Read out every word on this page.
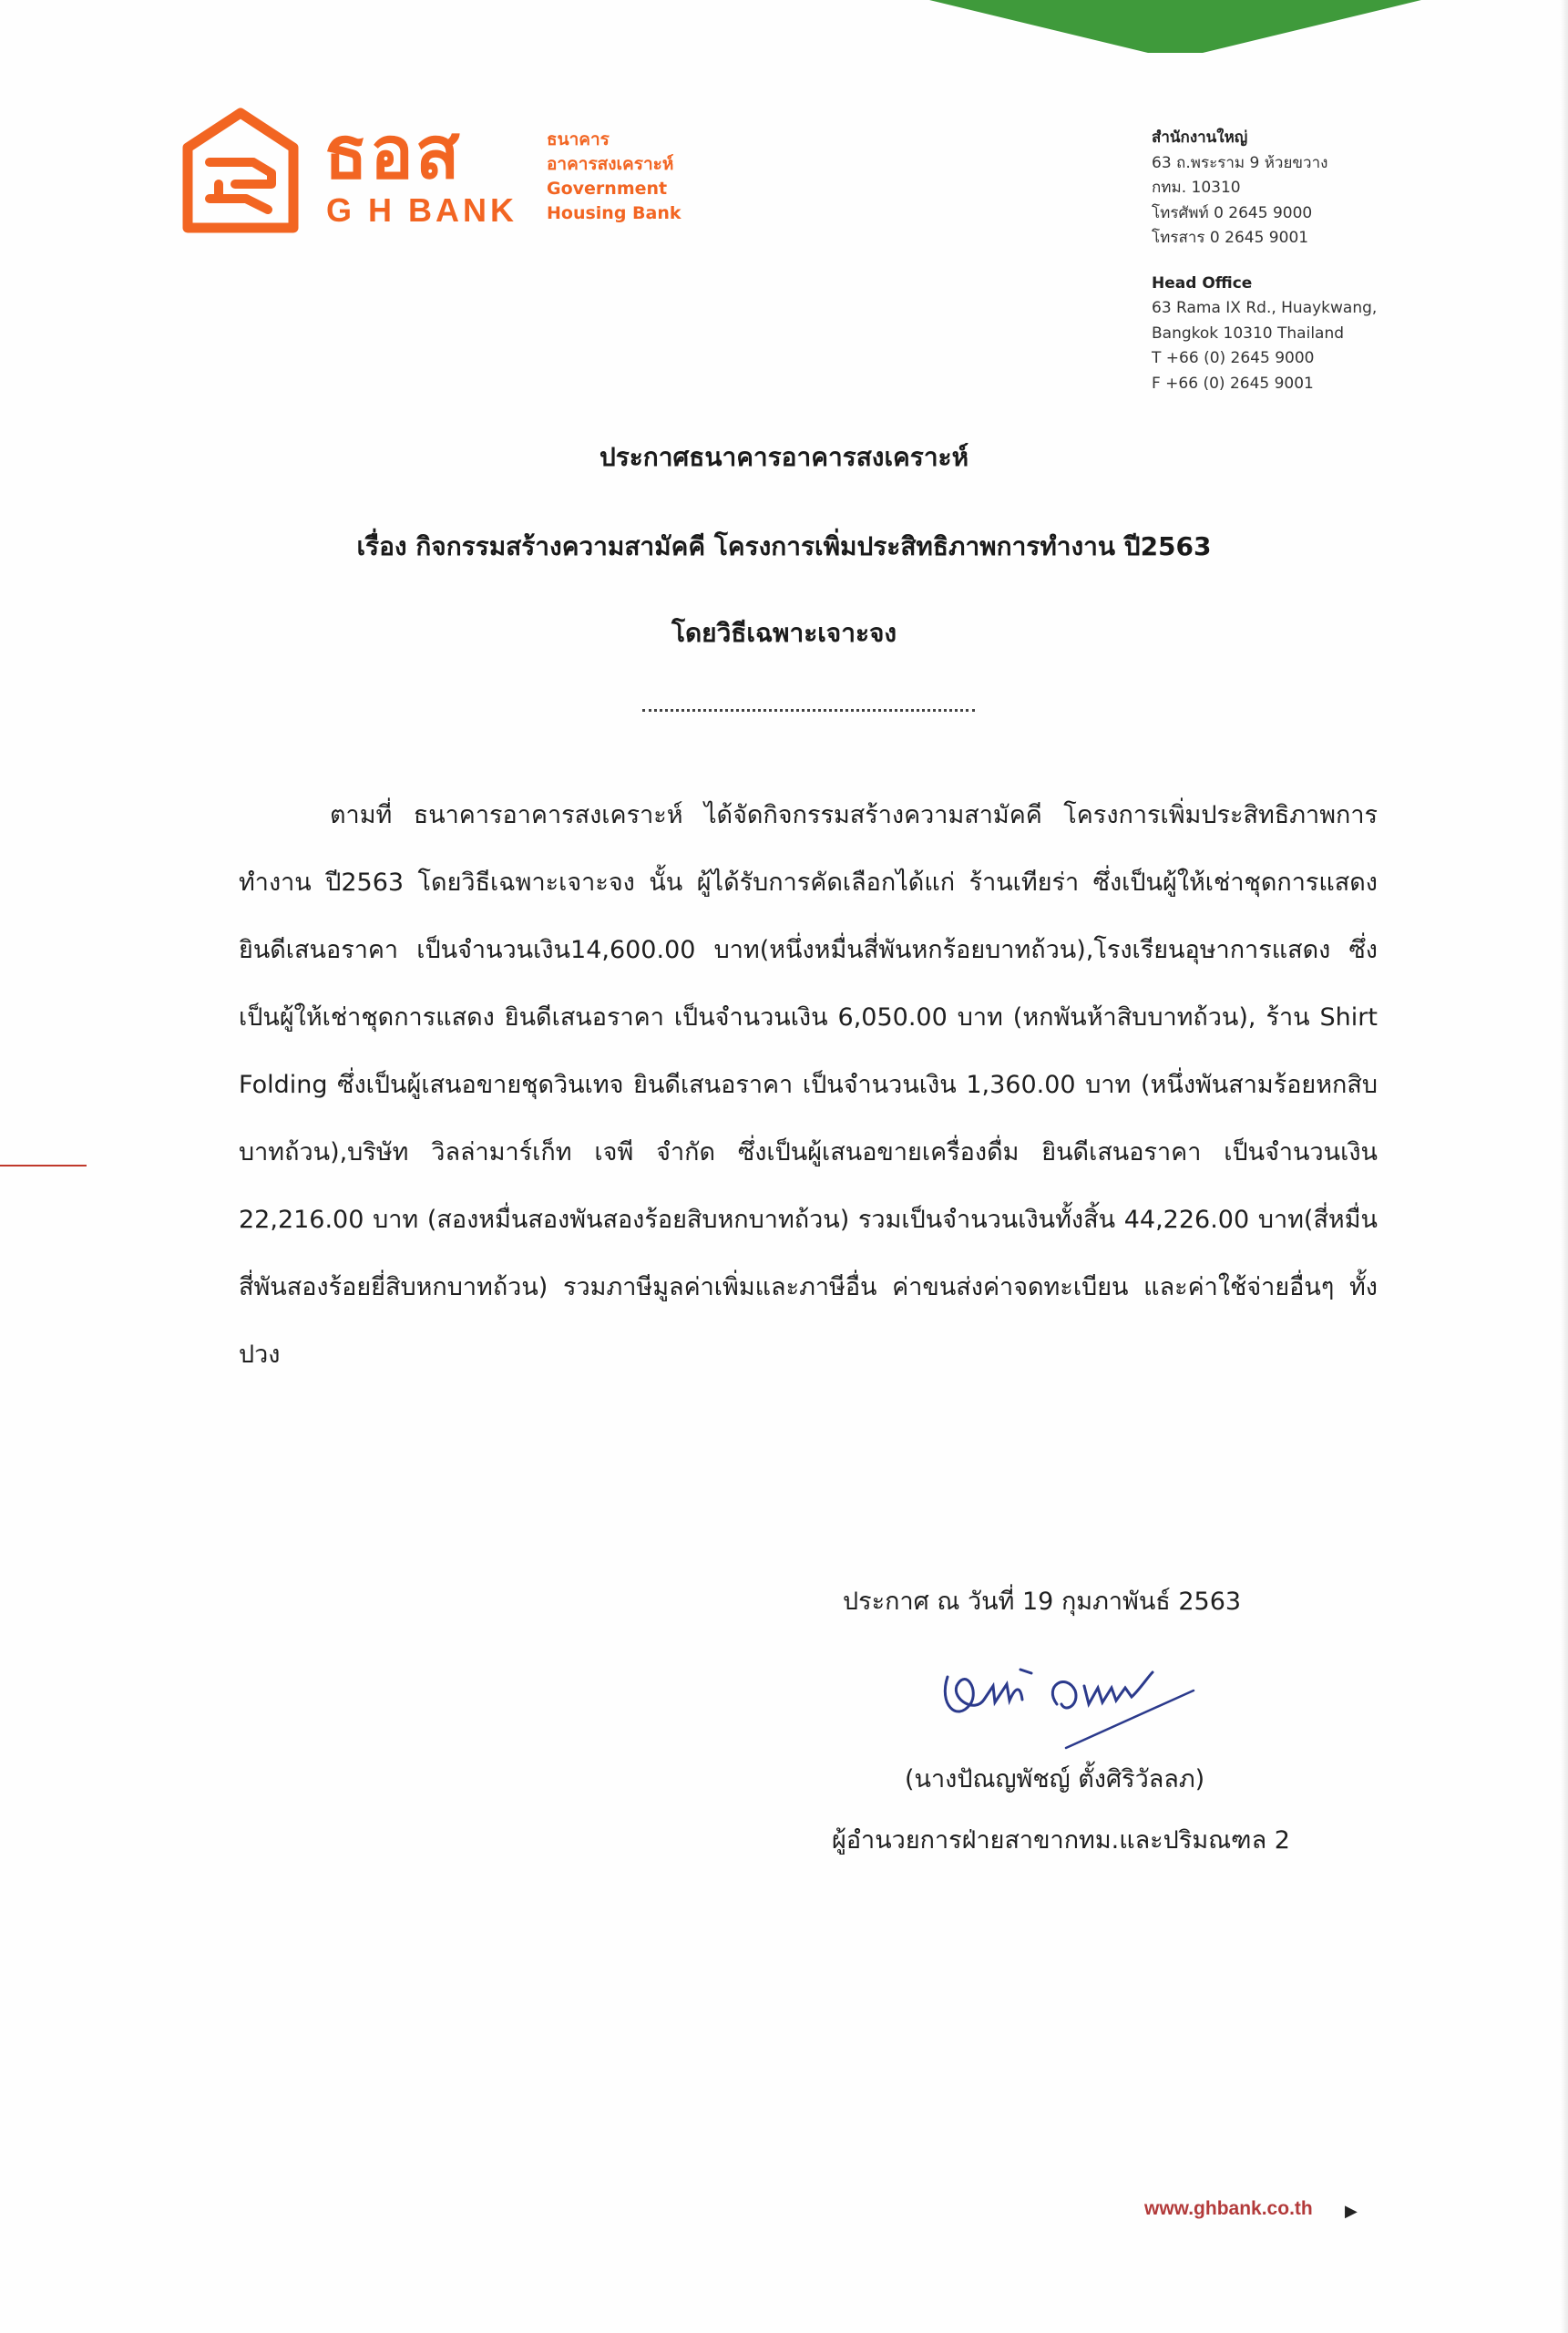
ธอส
G H BANK
ธนาคาร
อาคารสงเคราะห์
Government
Housing Bank
สำนักงานใหญ่
63 ถ.พระราม 9 ห้วยขวาง
กทม. 10310
โทรศัพท์ 0 2645 9000
โทรสาร 0 2645 9001
Head Office
63 Rama IX Rd., Huaykwang,
Bangkok 10310 Thailand
T +66 (0) 2645 9000
F +66 (0) 2645 9001
ประกาศธนาคารอาคารสงเคราะห์
เรื่อง กิจกรรมสร้างความสามัคคี โครงการเพิ่มประสิทธิภาพการทำงาน ปี2563
โดยวิธีเฉพาะเจาะจง
ตามที่ ธนาคารอาคารสงเคราะห์ ได้จัดกิจกรรมสร้างความสามัคคี โครงการเพิ่มประสิทธิภาพการทำงาน ปี2563 โดยวิธีเฉพาะเจาะจง นั้น ผู้ได้รับการคัดเลือกได้แก่ ร้านเทียร่า ซึ่งเป็นผู้ให้เช่าชุดการแสดง ยินดีเสนอราคา เป็นจำนวนเงิน14,600.00 บาท(หนึ่งหมื่นสี่พันหกร้อยบาทถ้วน),โรงเรียนอุษาการแสดง ซึ่งเป็นผู้ให้เช่าชุดการแสดง ยินดีเสนอราคา เป็นจำนวนเงิน 6,050.00 บาท (หกพันห้าสิบบาทถ้วน), ร้าน Shirt Folding ซึ่งเป็นผู้เสนอขายชุดวินเทจ ยินดีเสนอราคา เป็นจำนวนเงิน 1,360.00 บาท (หนึ่งพันสามร้อยหกสิบบาทถ้วน),บริษัท วิลล่ามาร์เก็ท เจพี จำกัด ซึ่งเป็นผู้เสนอขายเครื่องดื่ม ยินดีเสนอราคา เป็นจำนวนเงิน 22,216.00 บาท (สองหมื่นสองพันสองร้อยสิบหกบาทถ้วน) รวมเป็นจำนวนเงินทั้งสิ้น 44,226.00 บาท(สี่หมื่นสี่พันสองร้อยยี่สิบหกบาทถ้วน) รวมภาษีมูลค่าเพิ่มและภาษีอื่น ค่าขนส่งค่าจดทะเบียน และค่าใช้จ่ายอื่นๆ ทั้งปวง
ประกาศ ณ วันที่ 19 กุมภาพันธ์ 2563
(นางปัณญพัชญ์ ตั้งศิริวัลลภ)
ผู้อำนวยการฝ่ายสาขากทม.และปริมณฑล 2
www.ghbank.co.th ▶
